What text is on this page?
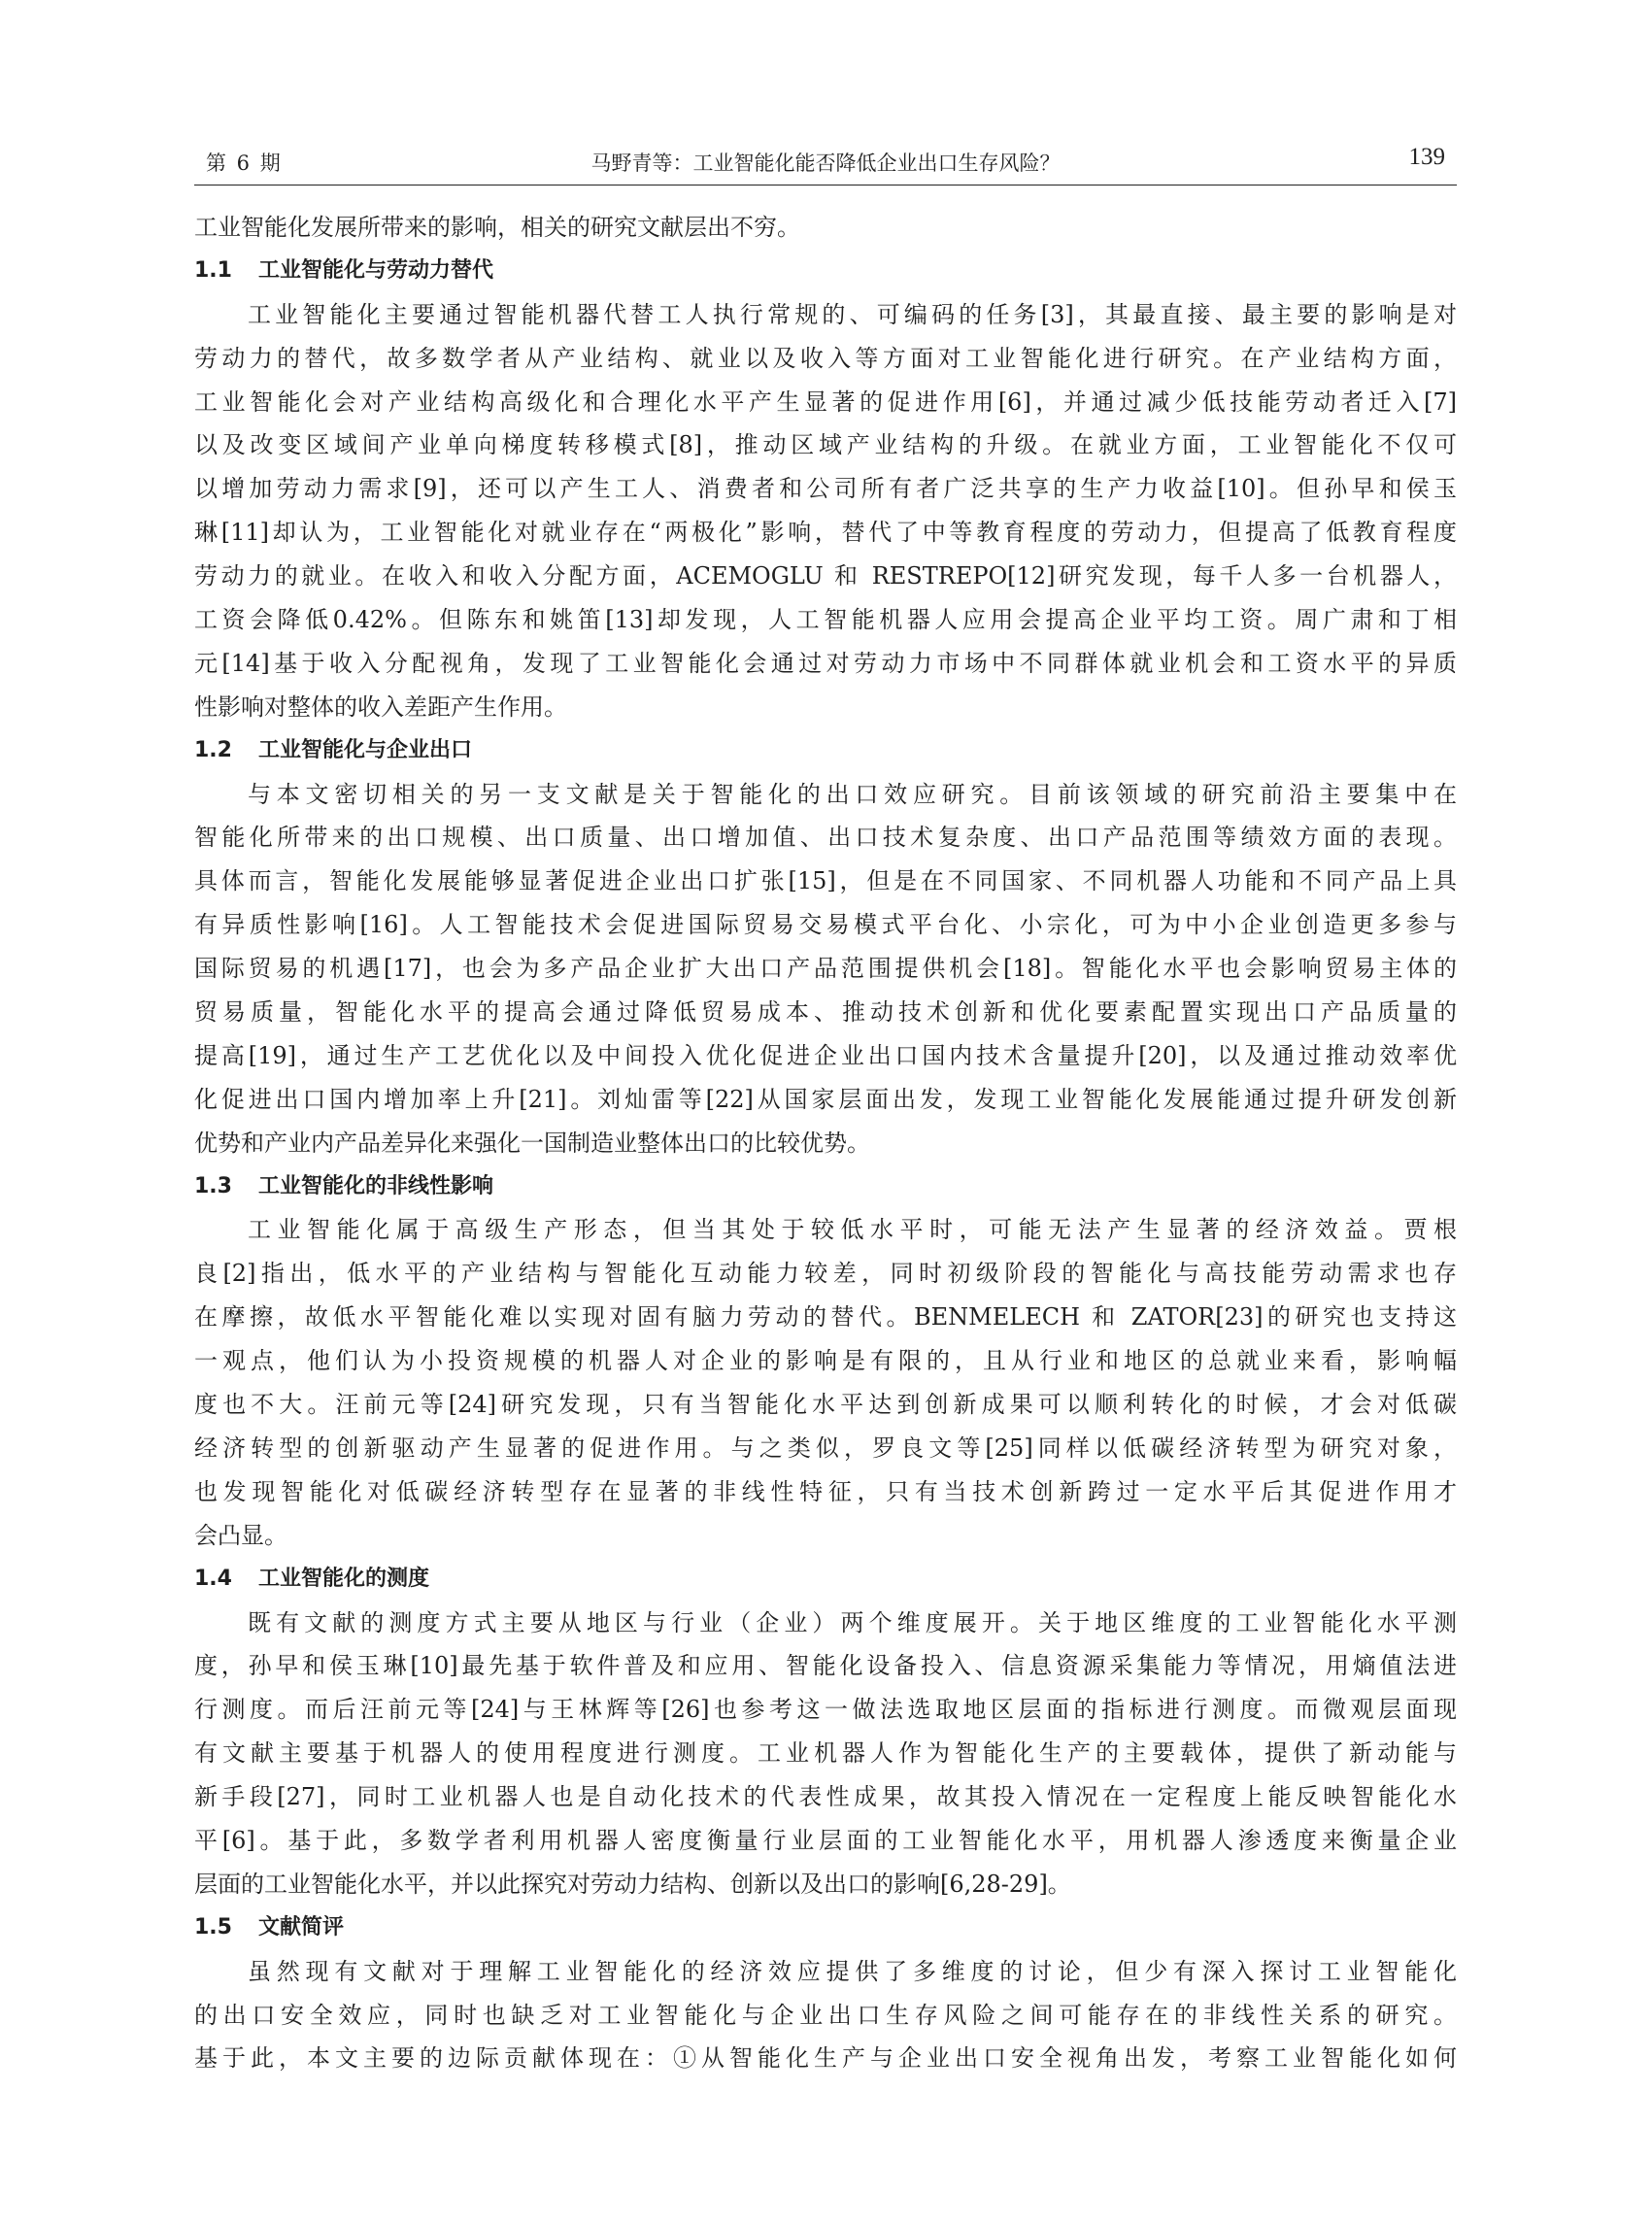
第 6 期	马野青等：工业智能化能否降低企业出口生存风险？	139
工业智能化发展所带来的影响，相关的研究文献层出不穷。
1.1 工业智能化与劳动力替代
工业智能化主要通过智能机器代替工人执行常规的、可编码的任务[3]，其最直接、最主要的影响是对
劳动力的替代，故多数学者从产业结构、就业以及收入等方面对工业智能化进行研究。在产业结构方面，
工业智能化会对产业结构高级化和合理化水平产生显著的促进作用[6]，并通过减少低技能劳动者迁入[7]
以及改变区域间产业单向梯度转移模式[8]，推动区域产业结构的升级。在就业方面，工业智能化不仅可
以增加劳动力需求[9]，还可以产生工人、消费者和公司所有者广泛共享的生产力收益[10]。但孙早和侯玉
琳[11]却认为，工业智能化对就业存在“两极化”影响，替代了中等教育程度的劳动力，但提高了低教育程度
劳动力的就业。在收入和收入分配方面，ACEMOGLU 和 RESTREPO[12]研究发现，每千人多一台机器人，
工资会降低0.42%。但陈东和姚笛[13]却发现，人工智能机器人应用会提高企业平均工资。周广肃和丁相
元[14]基于收入分配视角，发现了工业智能化会通过对劳动力市场中不同群体就业机会和工资水平的异质
性影响对整体的收入差距产生作用。
1.2 工业智能化与企业出口
与本文密切相关的另一支文献是关于智能化的出口效应研究。目前该领域的研究前沿主要集中在
智能化所带来的出口规模、出口质量、出口增加值、出口技术复杂度、出口产品范围等绩效方面的表现。
具体而言，智能化发展能够显著促进企业出口扩张[15]，但是在不同国家、不同机器人功能和不同产品上具
有异质性影响[16]。人工智能技术会促进国际贸易交易模式平台化、小宗化，可为中小企业创造更多参与
国际贸易的机遇[17]，也会为多产品企业扩大出口产品范围提供机会[18]。智能化水平也会影响贸易主体的
贸易质量，智能化水平的提高会通过降低贸易成本、推动技术创新和优化要素配置实现出口产品质量的
提高[19]，通过生产工艺优化以及中间投入优化促进企业出口国内技术含量提升[20]，以及通过推动效率优
化促进出口国内增加率上升[21]。刘灿雷等[22]从国家层面出发，发现工业智能化发展能通过提升研发创新
优势和产业内产品差异化来强化一国制造业整体出口的比较优势。
1.3 工业智能化的非线性影响
工业智能化属于高级生产形态，但当其处于较低水平时，可能无法产生显著的经济效益。贾根
良[2]指出，低水平的产业结构与智能化互动能力较差，同时初级阶段的智能化与高技能劳动需求也存
在摩擦，故低水平智能化难以实现对固有脑力劳动的替代。BENMELECH 和 ZATOR[23]的研究也支持这
一观点，他们认为小投资规模的机器人对企业的影响是有限的，且从行业和地区的总就业来看，影响幅
度也不大。汪前元等[24]研究发现，只有当智能化水平达到创新成果可以顺利转化的时候，才会对低碳
经济转型的创新驱动产生显著的促进作用。与之类似，罗良文等[25]同样以低碳经济转型为研究对象，
也发现智能化对低碳经济转型存在显著的非线性特征，只有当技术创新跨过一定水平后其促进作用才
会凸显。
1.4 工业智能化的测度
既有文献的测度方式主要从地区与行业（企业）两个维度展开。关于地区维度的工业智能化水平测
度，孙早和侯玉琳[10]最先基于软件普及和应用、智能化设备投入、信息资源采集能力等情况，用熵值法进
行测度。而后汪前元等[24]与王林辉等[26]也参考这一做法选取地区层面的指标进行测度。而微观层面现
有文献主要基于机器人的使用程度进行测度。工业机器人作为智能化生产的主要载体，提供了新动能与
新手段[27]，同时工业机器人也是自动化技术的代表性成果，故其投入情况在一定程度上能反映智能化水
平[6]。基于此，多数学者利用机器人密度衡量行业层面的工业智能化水平，用机器人渗透度来衡量企业
层面的工业智能化水平，并以此探究对劳动力结构、创新以及出口的影响[6,28-29]。
1.5 文献简评
虽然现有文献对于理解工业智能化的经济效应提供了多维度的讨论，但少有深入探讨工业智能化
的出口安全效应，同时也缺乏对工业智能化与企业出口生存风险之间可能存在的非线性关系的研究。
基于此，本文主要的边际贡献体现在：①从智能化生产与企业出口安全视角出发，考察工业智能化如何
